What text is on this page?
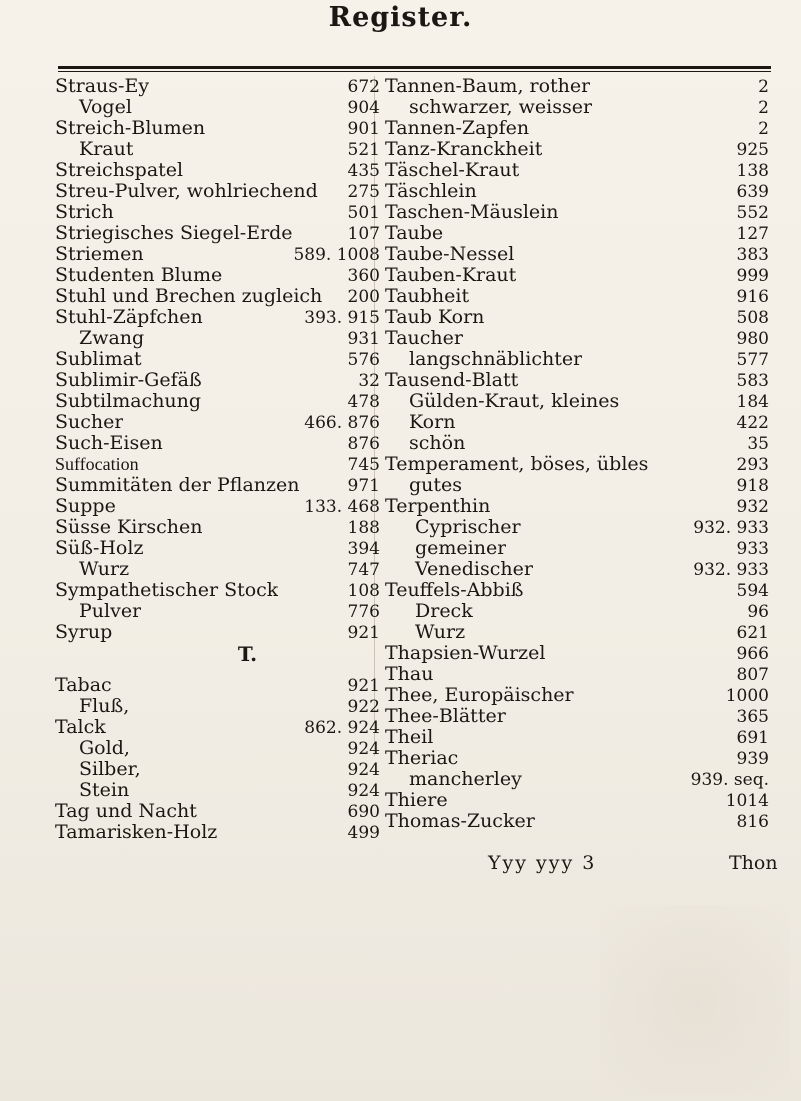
Register.
Straus-Ey	672
Vogel	904
Streich-Blumen	901
Kraut	521
Streichspatel	435
Streu-Pulver, wohlriechend	275
Strich	501
Striegisches Siegel-Erde	107
Striemen	589. 1008
Studenten Blume	360
Stuhl und Brechen zugleich	200
Stuhl-Zäpfchen	393. 915
Zwang	931
Sublimat	576
Sublimir-Gefäß	32
Subtilmachung	478
Sucher	466. 876
Such-Eisen	876
Suffocation	745
Summitäten der Pflanzen	971
Suppe	133. 468
Süsse Kirschen	188
Süß-Holz	394
Wurz	747
Sympathetischer Stock	108
Pulver	776
Syrup	921
T.
Tabac	921
Fluß,	922
Talck	862. 924
Gold,	924
Silber,	924
Stein	924
Tag und Nacht	690
Tamarisken-Holz	499
Tannen-Baum, rother	2
schwarzer, weisser	2
Tannen-Zapfen	2
Tanz-Kranckheit	925
Täschel-Kraut	138
Täschlein	639
Taschen-Mäuslein	552
Taube	127
Taube-Nessel	383
Tauben-Kraut	999
Taubheit	916
Taub Korn	508
Taucher	980
langschnäblichter	577
Tausend-Blatt	583
Gülden-Kraut, kleines	184
Korn	422
schön	35
Temperament, böses, übles	293
gutes	918
Terpenthin	932
Cyprischer	932. 933
gemeiner	933
Venedischer	932. 933
Teuffels-Abbiß	594
Dreck	96
Wurz	621
Thapsien-Wurzel	966
Thau	807
Thee, Europäischer	1000
Thee-Blätter	365
Theil	691
Theriac	939
mancherley	939. seq.
Thiere	1014
Thomas-Zucker	816
Yyy yyy 3	Thon
